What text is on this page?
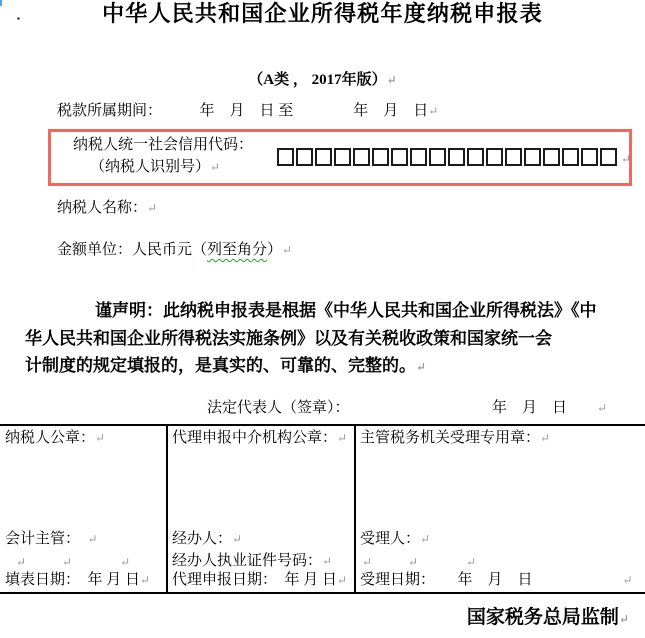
▪	中华人民共和国企业所得税年度纳税申报表
（A类 ， 2017年版）↵
税款所属期间：　　　年　月　日 至　　　　年　月　日↵
纳税人统一社会信用代码：
（纳税人识别号）↵
↵
纳税人名称：↵
金额单位：人民币元（列至角分）↵
谨声明：此纳税申报表是根据《中华人民共和国企业所得税法》《中
华人民共和国企业所得税法实施条例》以及有关税收政策和国家统一会
计制度的规定填报的，是真实的、可靠的、完整的。↵
法定代表人（签章）：　　　　　　　　　　年　月　日　　↵
纳税人公章：↵
会计主管：　↵
↵　　　↵　　　　↵
填表日期：　年 月 日↵
代理申报中介机构公章：↵
经办人：↵
经办人执业证件号码：↵
代理申报日期：　年 月 日↵
主管税务机关受理专用章：↵
受理人：↵
↵　　　↵　　　　↵
受理日期：　　年　月　日　　　　　　↵
国家税务总局监制↵
